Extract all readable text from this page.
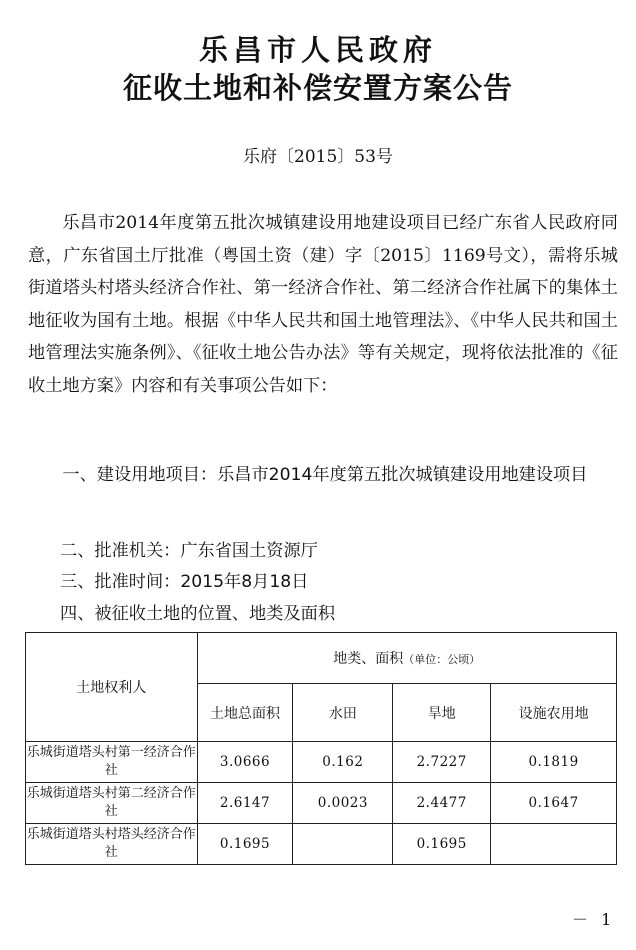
乐昌市人民政府
征收土地和补偿安置方案公告
乐府〔2015〕53号
乐昌市2014年度第五批次城镇建设用地建设项目已经广东省人民政府同意，广东省国土厅批准（粤国土资（建）字〔2015〕1169号文），需将乐城街道塔头村塔头经济合作社、第一经济合作社、第二经济合作社属下的集体土地征收为国有土地。根据《中华人民共和国土地管理法》、《中华人民共和国土地管理法实施条例》、《征收土地公告办法》等有关规定，现将依法批准的《征收土地方案》内容和有关事项公告如下：
一、建设用地项目：乐昌市2014年度第五批次城镇建设用地建设项目
二、批准机关：广东省国土资源厅
三、批准时间：2015年8月18日
四、被征收土地的位置、地类及面积
土地权利人	地类、面积（单位：公顷）			
	土地总面积	水田	旱地	设施农用地
乐城街道塔头村第一经济合作社	3.0666	0.162	2.7227	0.1819
乐城街道塔头村第二经济合作社	2.6147	0.0023	2.4477	0.1647
乐城街道塔头村塔头经济合作社	0.1695		0.1695	
－ 1
